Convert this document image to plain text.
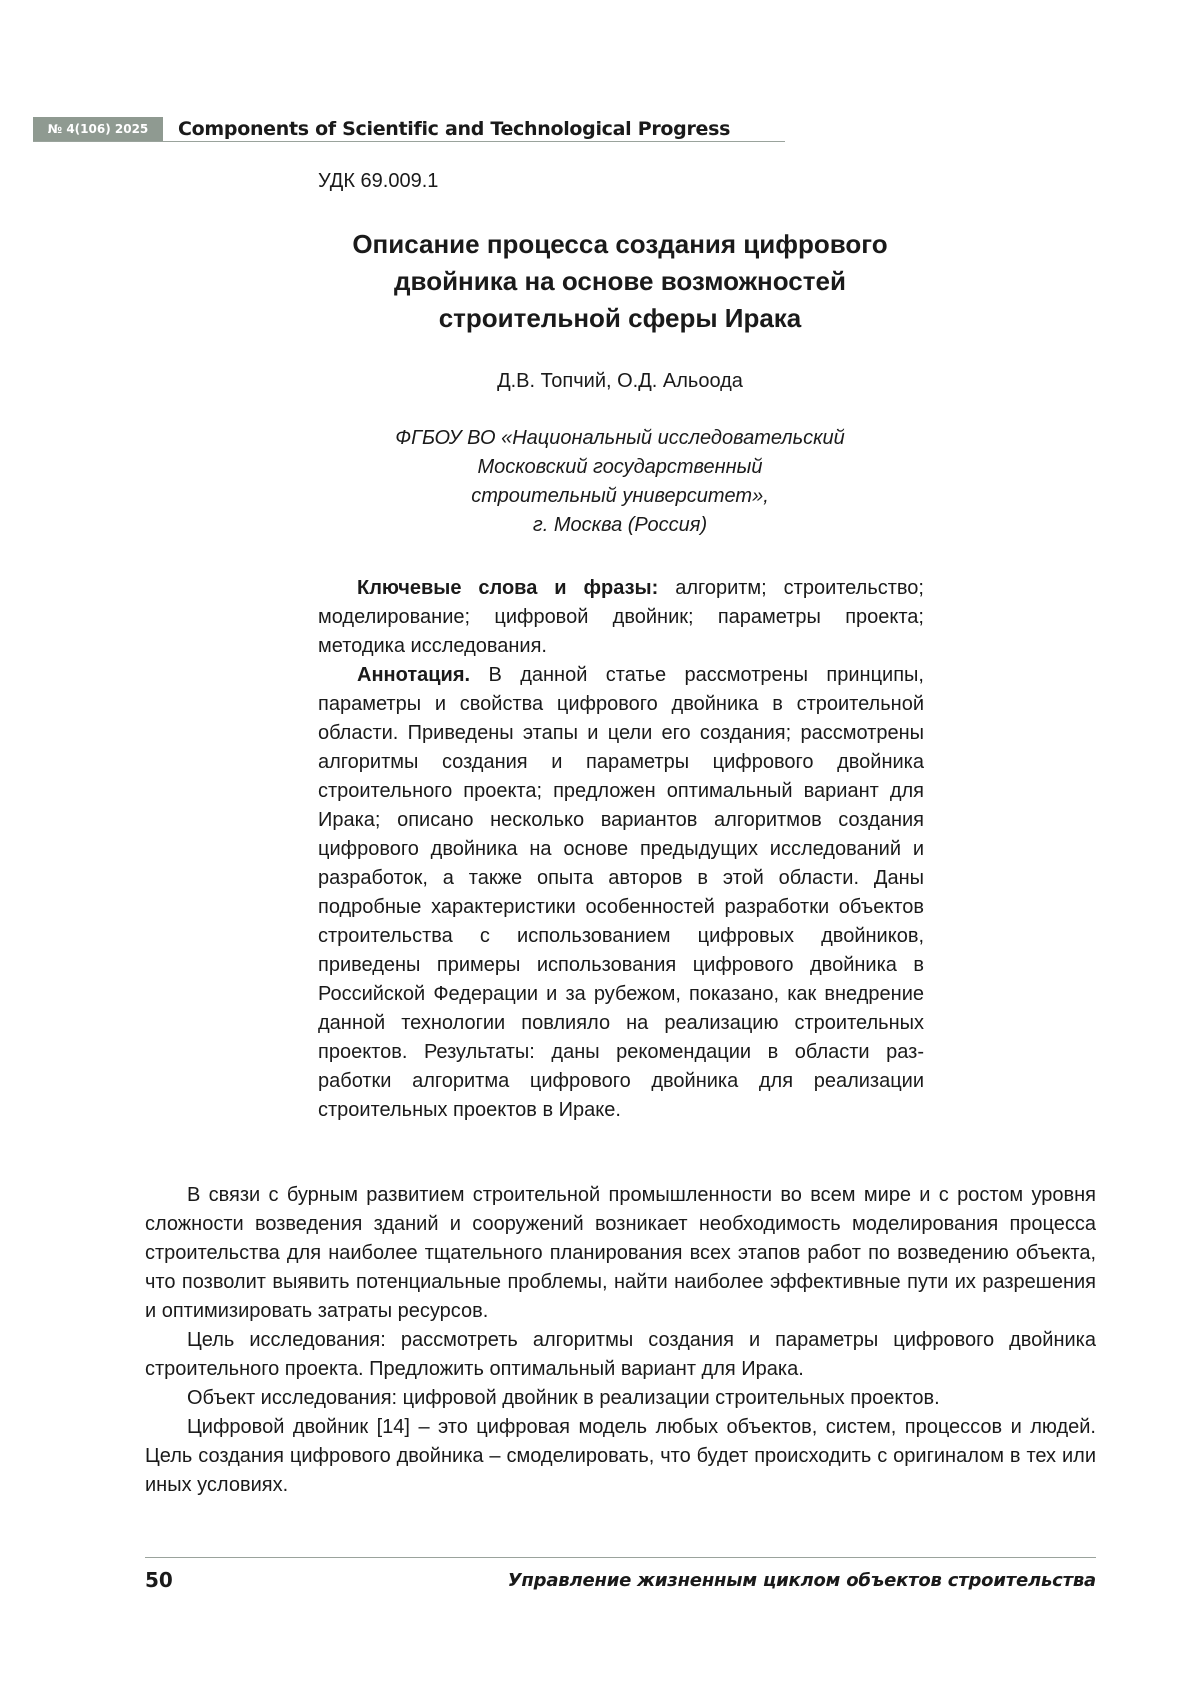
№ 4(106) 2025	Components of Scientific and Technological Progress
УДК 69.009.1
Описание процесса создания цифрового
двойника на основе возможностей
строительной сферы Ирака
Д.В. Топчий, О.Д. Альоода
ФГБОУ ВО «Национальный исследовательский
Московский государственный
строительный университет»,
г. Москва (Россия)

Ключевые слова и фразы: алгоритм; строительство; моделирование; цифровой двойник; параметры проекта; методика исследования.

Аннотация. В данной статье рассмотрены принципы, параметры и свойства цифрового двойника в строительной области. Приведены этапы и цели его создания; рассмотрены алгоритмы создания и параметры цифрового двойника строительного проекта; предложен оптимальный вариант для Ирака; описано несколько вариантов алгоритмов создания цифрового двойника на основе предыдущих исследований и разработок, а также опыта авторов в этой области. Даны подробные характеристики особенностей разработки объектов строительства с использованием цифровых двойников, приведены примеры использования цифрового двойника в Российской Федерации и за рубежом, показано, как внедрение данной технологии повлияло на реализацию строительных проектов. Результаты: даны рекомендации в области разработки алгоритма цифрового двойника для реализации строительных проектов в Ираке.

В связи с бурным развитием строительной промышленности во всем мире и с ростом уровня сложности возведения зданий и сооружений возникает необходимость моделирования процесса строительства для наиболее тщательного планирования всех этапов работ по возведению объекта, что позволит выявить потенциальные проблемы, найти наиболее эффективные пути их разрешения и оптимизировать затраты ресурсов.

Цель исследования: рассмотреть алгоритмы создания и параметры цифрового двойника строительного проекта. Предложить оптимальный вариант для Ирака.

Объект исследования: цифровой двойник в реализации строительных проектов.

Цифровой двойник [14] – это цифровая модель любых объектов, систем, процессов и людей. Цель создания цифрового двойника – смоделировать, что будет происходить с оригиналом в тех или иных условиях.

50	Управление жизненным циклом объектов строительства
